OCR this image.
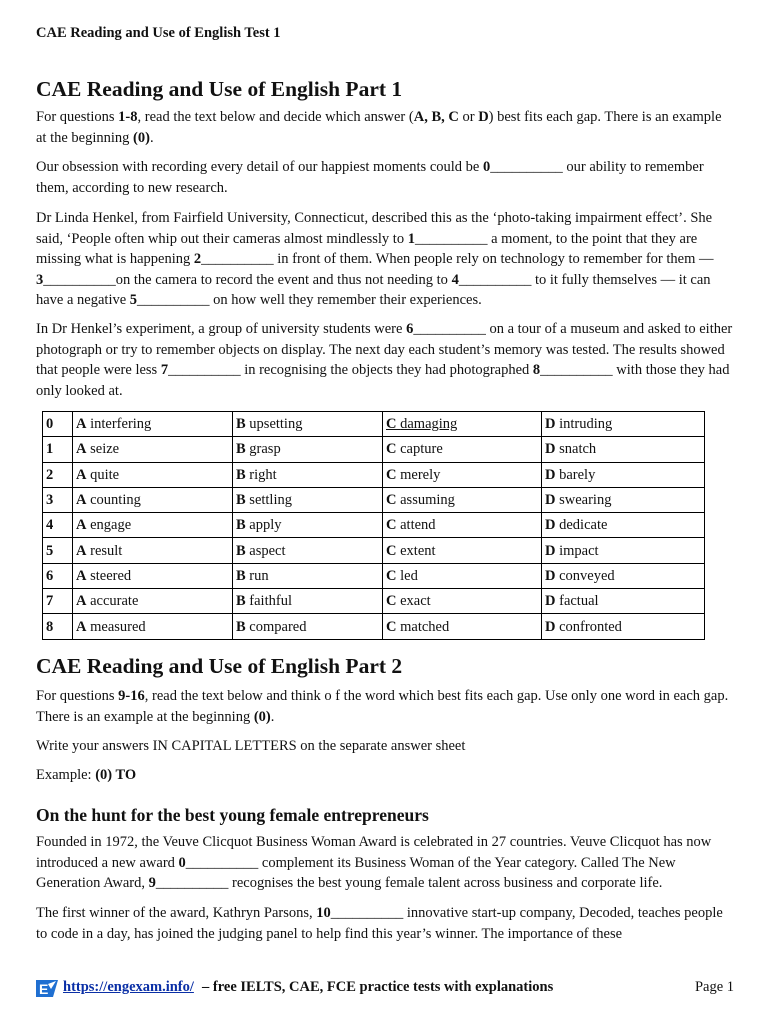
CAE Reading and Use of English Test 1
CAE Reading and Use of English Part 1

For questions 1-8, read the text below and decide which answer (A, B, C or D) best fits each gap. There is an example at the beginning (0).

Our obsession with recording every detail of our happiest moments could be 0__________ our ability to remember them, according to new research.

Dr Linda Henkel, from Fairfield University, Connecticut, described this as the ‘photo-taking impairment effect’. She said, ‘People often whip out their cameras almost mindlessly to 1__________ a moment, to the point that they are missing what is happening 2__________ in front of them. When people rely on technology to remember for them — 3__________on the camera to record the event and thus not needing to 4__________ to it fully themselves — it can have a negative 5__________ on how well they remember their experiences.

In Dr Henkel’s experiment, a group of university students were 6__________ on a tour of a museum and asked to either photograph or try to remember objects on display. The next day each student’s memory was tested. The results showed that people were less 7__________ in recognising the objects they had photographed 8__________ with those they had only looked at.

0	A interfering	B upsetting	C damaging	D intruding
1	A seize	B grasp	C capture	D snatch
2	A quite	B right	C merely	D barely
3	A counting	B settling	C assuming	D swearing
4	A engage	B apply	C attend	D dedicate
5	A result	B aspect	C extent	D impact
6	A steered	B run	C led	D conveyed
7	A accurate	B faithful	C exact	D factual
8	A measured	B compared	C matched	D confronted
CAE Reading and Use of English Part 2

For questions 9-16, read the text below and think o f the word which best fits each gap. Use only one word in each gap. There is an example at the beginning (0).

Write your answers IN CAPITAL LETTERS on the separate answer sheet

Example: (0) TO

On the hunt for the best young female entrepreneurs

Founded in 1972, the Veuve Clicquot Business Woman Award is celebrated in 27 countries. Veuve Clicquot has now introduced a new award 0__________ complement its Business Woman of the Year category. Called The New Generation Award, 9__________ recognises the best young female talent across business and corporate life.

The first winner of the award, Kathryn Parsons, 10__________ innovative start-up company, Decoded, teaches people to code in a day, has joined the judging panel to help find this year’s winner. The importance of these

E https://engexam.info/ – free IELTS, CAE, FCE practice tests with explanations	Page 1
